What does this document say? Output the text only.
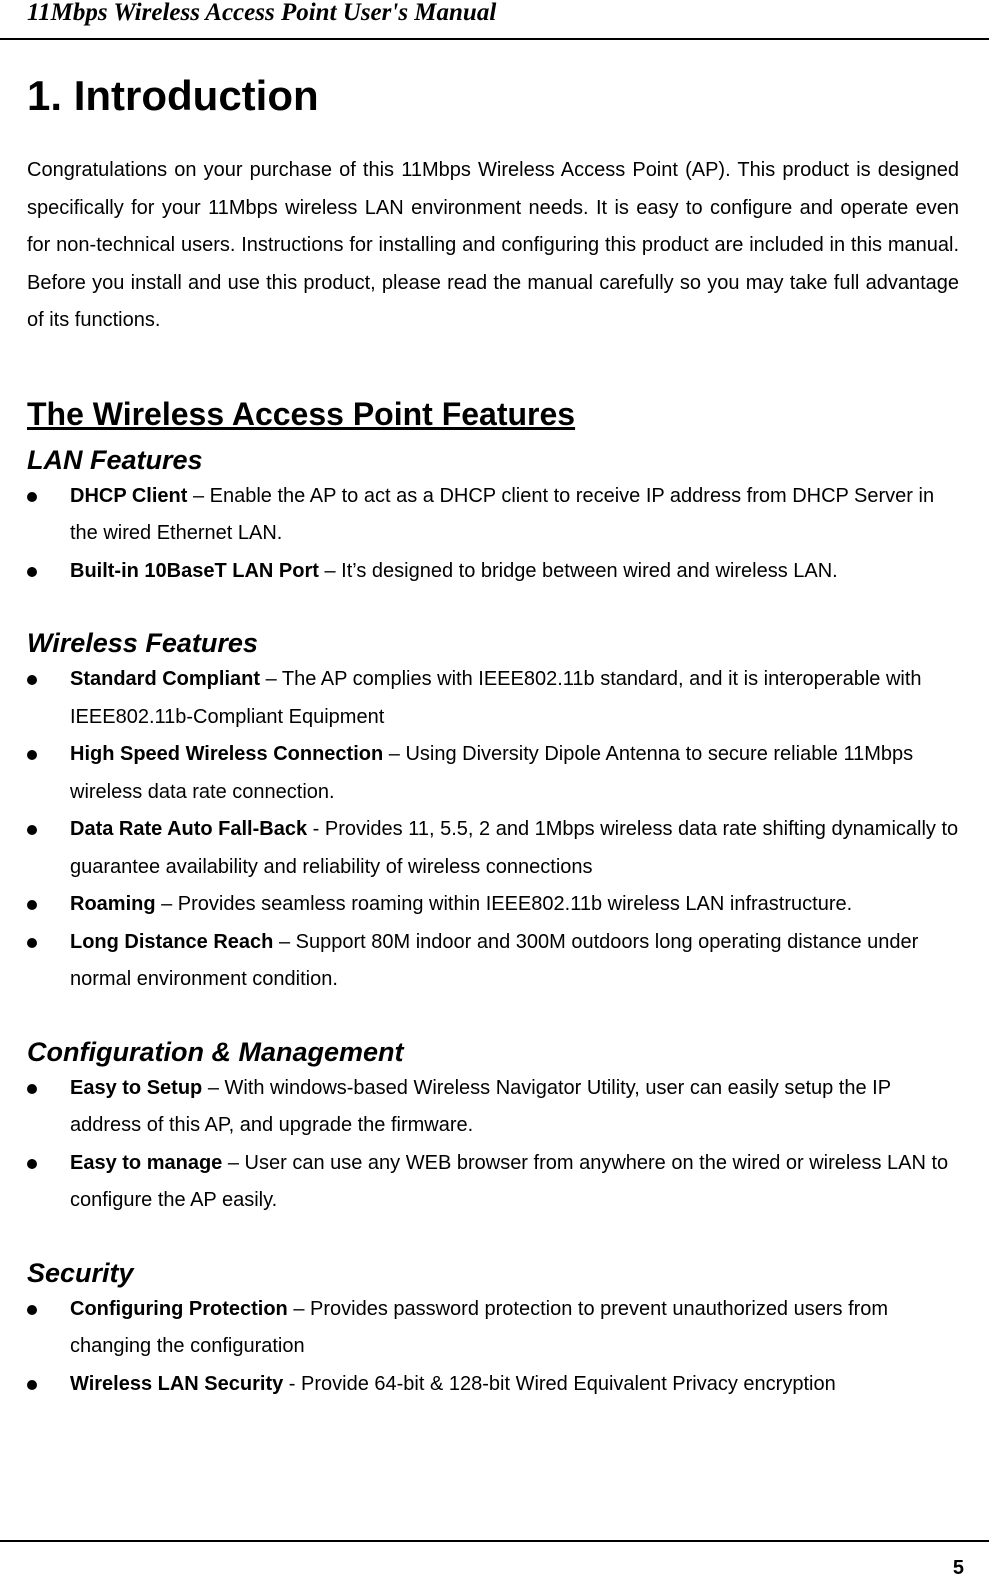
11Mbps Wireless Access Point User's Manual
1. Introduction

Congratulations on your purchase of this 11Mbps Wireless Access Point (AP). This product is designed specifically for your 11Mbps wireless LAN environment needs. It is easy to configure and operate even for non-technical users. Instructions for installing and configuring this product are included in this manual. Before you install and use this product, please read the manual carefully so you may take full advantage of its functions.

The Wireless Access Point Features
LAN Features
DHCP Client – Enable the AP to act as a DHCP client to receive IP address from DHCP Server in the wired Ethernet LAN.
Built-in 10BaseT LAN Port – It’s designed to bridge between wired and wireless LAN.
Wireless Features
Standard Compliant – The AP complies with IEEE802.11b standard, and it is interoperable with IEEE802.11b-Compliant Equipment
High Speed Wireless Connection – Using Diversity Dipole Antenna to secure reliable 11Mbps wireless data rate connection.
Data Rate Auto Fall-Back - Provides 11, 5.5, 2 and 1Mbps wireless data rate shifting dynamically to guarantee availability and reliability of wireless connections
Roaming – Provides seamless roaming within IEEE802.11b wireless LAN infrastructure.
Long Distance Reach – Support 80M indoor and 300M outdoors long operating distance under normal environment condition.
Configuration & Management
Easy to Setup – With windows-based Wireless Navigator Utility, user can easily setup the IP address of this AP, and upgrade the firmware.
Easy to manage – User can use any WEB browser from anywhere on the wired or wireless LAN to configure the AP easily.
Security
Configuring Protection – Provides password protection to prevent unauthorized users from changing the configuration
Wireless LAN Security - Provide 64-bit & 128-bit Wired Equivalent Privacy encryption
5
